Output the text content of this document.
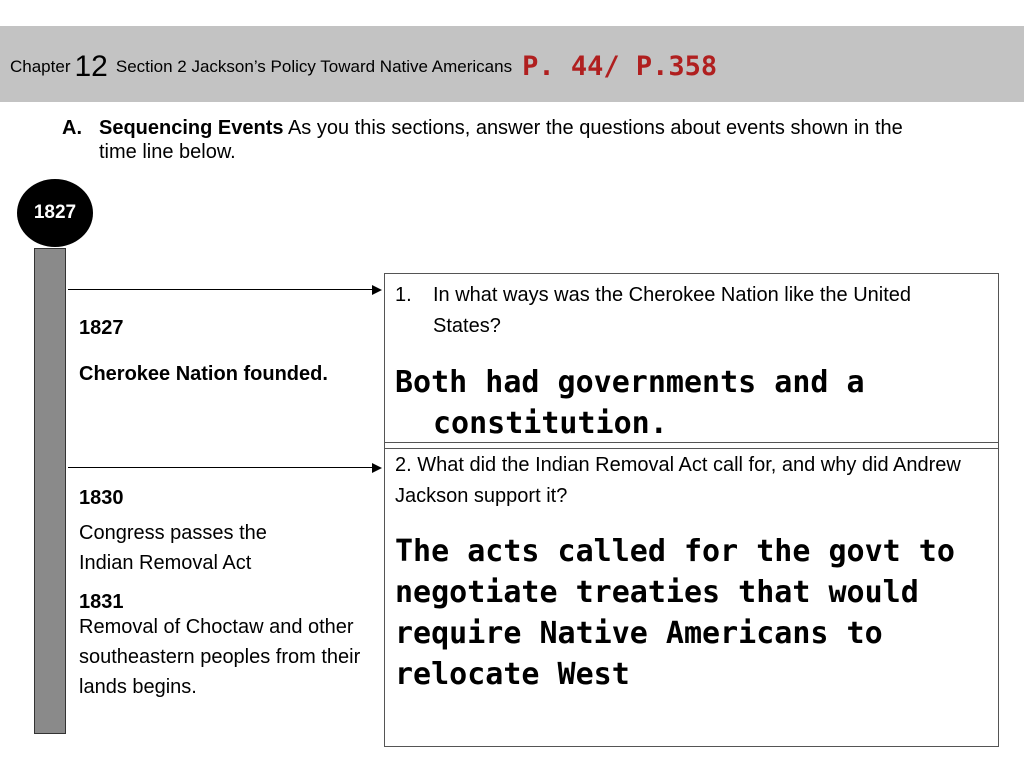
Chapter 12 Section 2 Jackson’s Policy Toward Native Americans P. 44/ P.358
A. Sequencing Events As you this sections, answer the questions about events shown in the time line below.
1827
1827
Cherokee Nation founded.
1830
Congress passes the Indian Removal Act
1831
Removal of Choctaw and other southeastern peoples from their lands begins.
1. In what ways was the Cherokee Nation like the United States?
Both had governments and a
constitution.
2. What did the Indian Removal Act call for, and why did Andrew Jackson support it?
The acts called for the govt to negotiate treaties that would require Native Americans to relocate West
